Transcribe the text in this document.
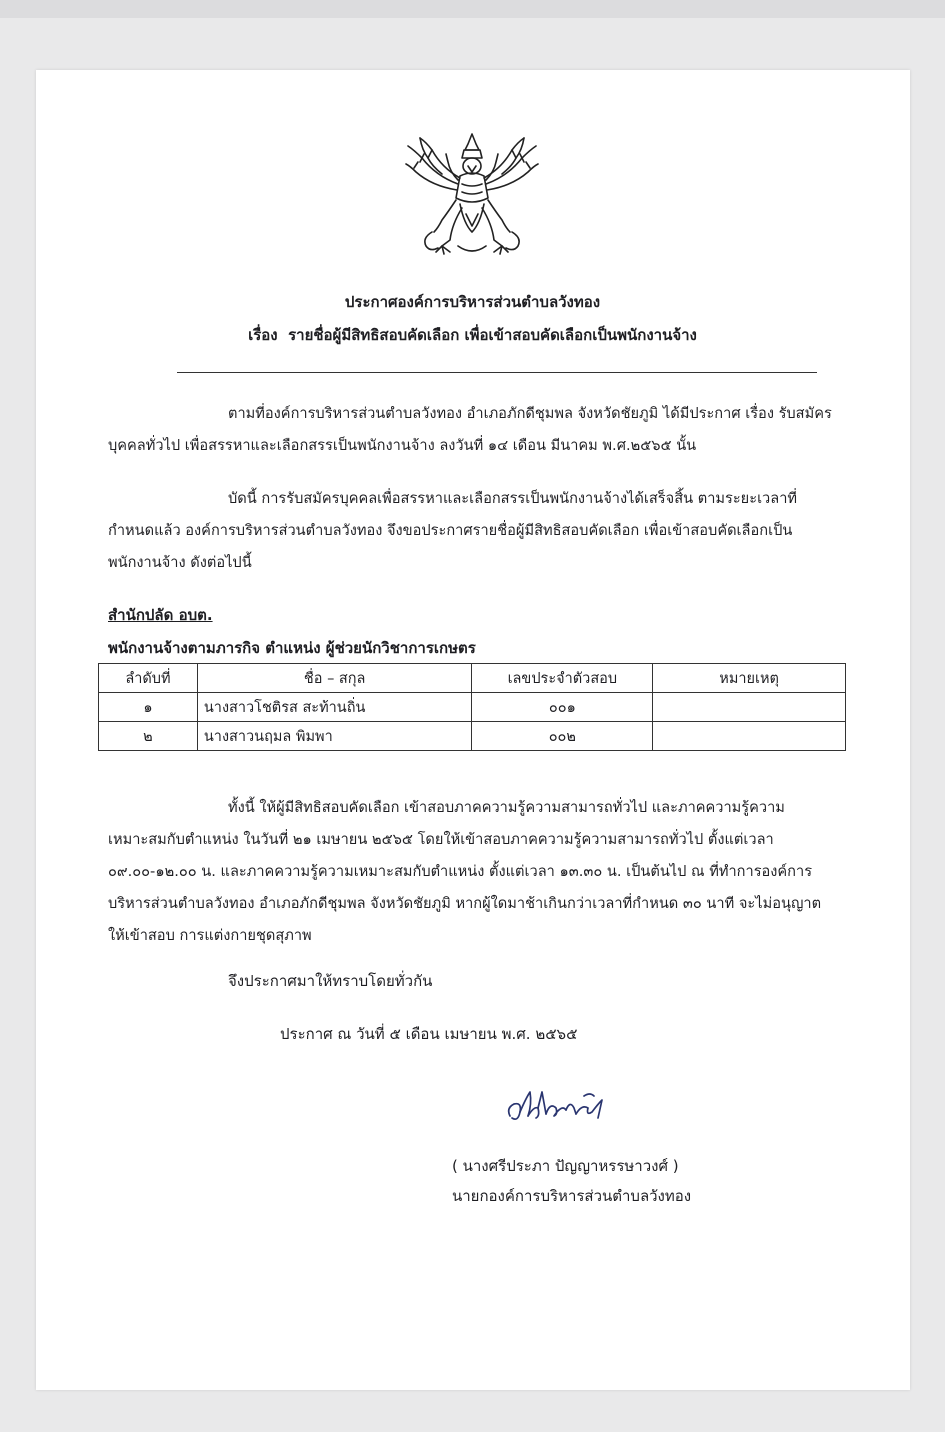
ประกาศองค์การบริหารส่วนตำบลวังทอง
เรื่อง รายชื่อผู้มีสิทธิสอบคัดเลือก เพื่อเข้าสอบคัดเลือกเป็นพนักงานจ้าง
ตามที่องค์การบริหารส่วนตำบลวังทอง อำเภอภักดีชุมพล จังหวัดชัยภูมิ ได้มีประกาศ เรื่อง รับสมัคร
บุคคลทั่วไป เพื่อสรรหาและเลือกสรรเป็นพนักงานจ้าง ลงวันที่ ๑๔ เดือน มีนาคม พ.ศ.๒๕๖๕ นั้น
บัดนี้ การรับสมัครบุคคลเพื่อสรรหาและเลือกสรรเป็นพนักงานจ้างได้เสร็จสิ้น ตามระยะเวลาที่
กำหนดแล้ว องค์การบริหารส่วนตำบลวังทอง จึงขอประกาศรายชื่อผู้มีสิทธิสอบคัดเลือก เพื่อเข้าสอบคัดเลือกเป็น
พนักงานจ้าง ดังต่อไปนี้
สำนักปลัด อบต.
พนักงานจ้างตามภารกิจ ตำแหน่ง ผู้ช่วยนักวิชาการเกษตร
ลำดับที่	ชื่อ – สกุล	เลขประจำตัวสอบ	หมายเหตุ
๑	นางสาวโชติรส สะท้านถิ่น	๐๐๑	
๒	นางสาวนฤมล พิมพา	๐๐๒	
ทั้งนี้ ให้ผู้มีสิทธิสอบคัดเลือก เข้าสอบภาคความรู้ความสามารถทั่วไป และภาคความรู้ความ
เหมาะสมกับตำแหน่ง ในวันที่ ๒๑ เมษายน ๒๕๖๕ โดยให้เข้าสอบภาคความรู้ความสามารถทั่วไป ตั้งแต่เวลา
๐๙.๐๐-๑๒.๐๐ น. และภาคความรู้ความเหมาะสมกับตำแหน่ง ตั้งแต่เวลา ๑๓.๓๐ น. เป็นต้นไป ณ ที่ทำการองค์การ
บริหารส่วนตำบลวังทอง อำเภอภักดีชุมพล จังหวัดชัยภูมิ หากผู้ใดมาช้าเกินกว่าเวลาที่กำหนด ๓๐ นาที จะไม่อนุญาต
ให้เข้าสอบ การแต่งกายชุดสุภาพ
จึงประกาศมาให้ทราบโดยทั่วกัน
ประกาศ ณ วันที่ ๕ เดือน เมษายน พ.ศ. ๒๕๖๕
( นางศรีประภา ปัญญาหรรษาวงศ์ )
นายกองค์การบริหารส่วนตำบลวังทอง
